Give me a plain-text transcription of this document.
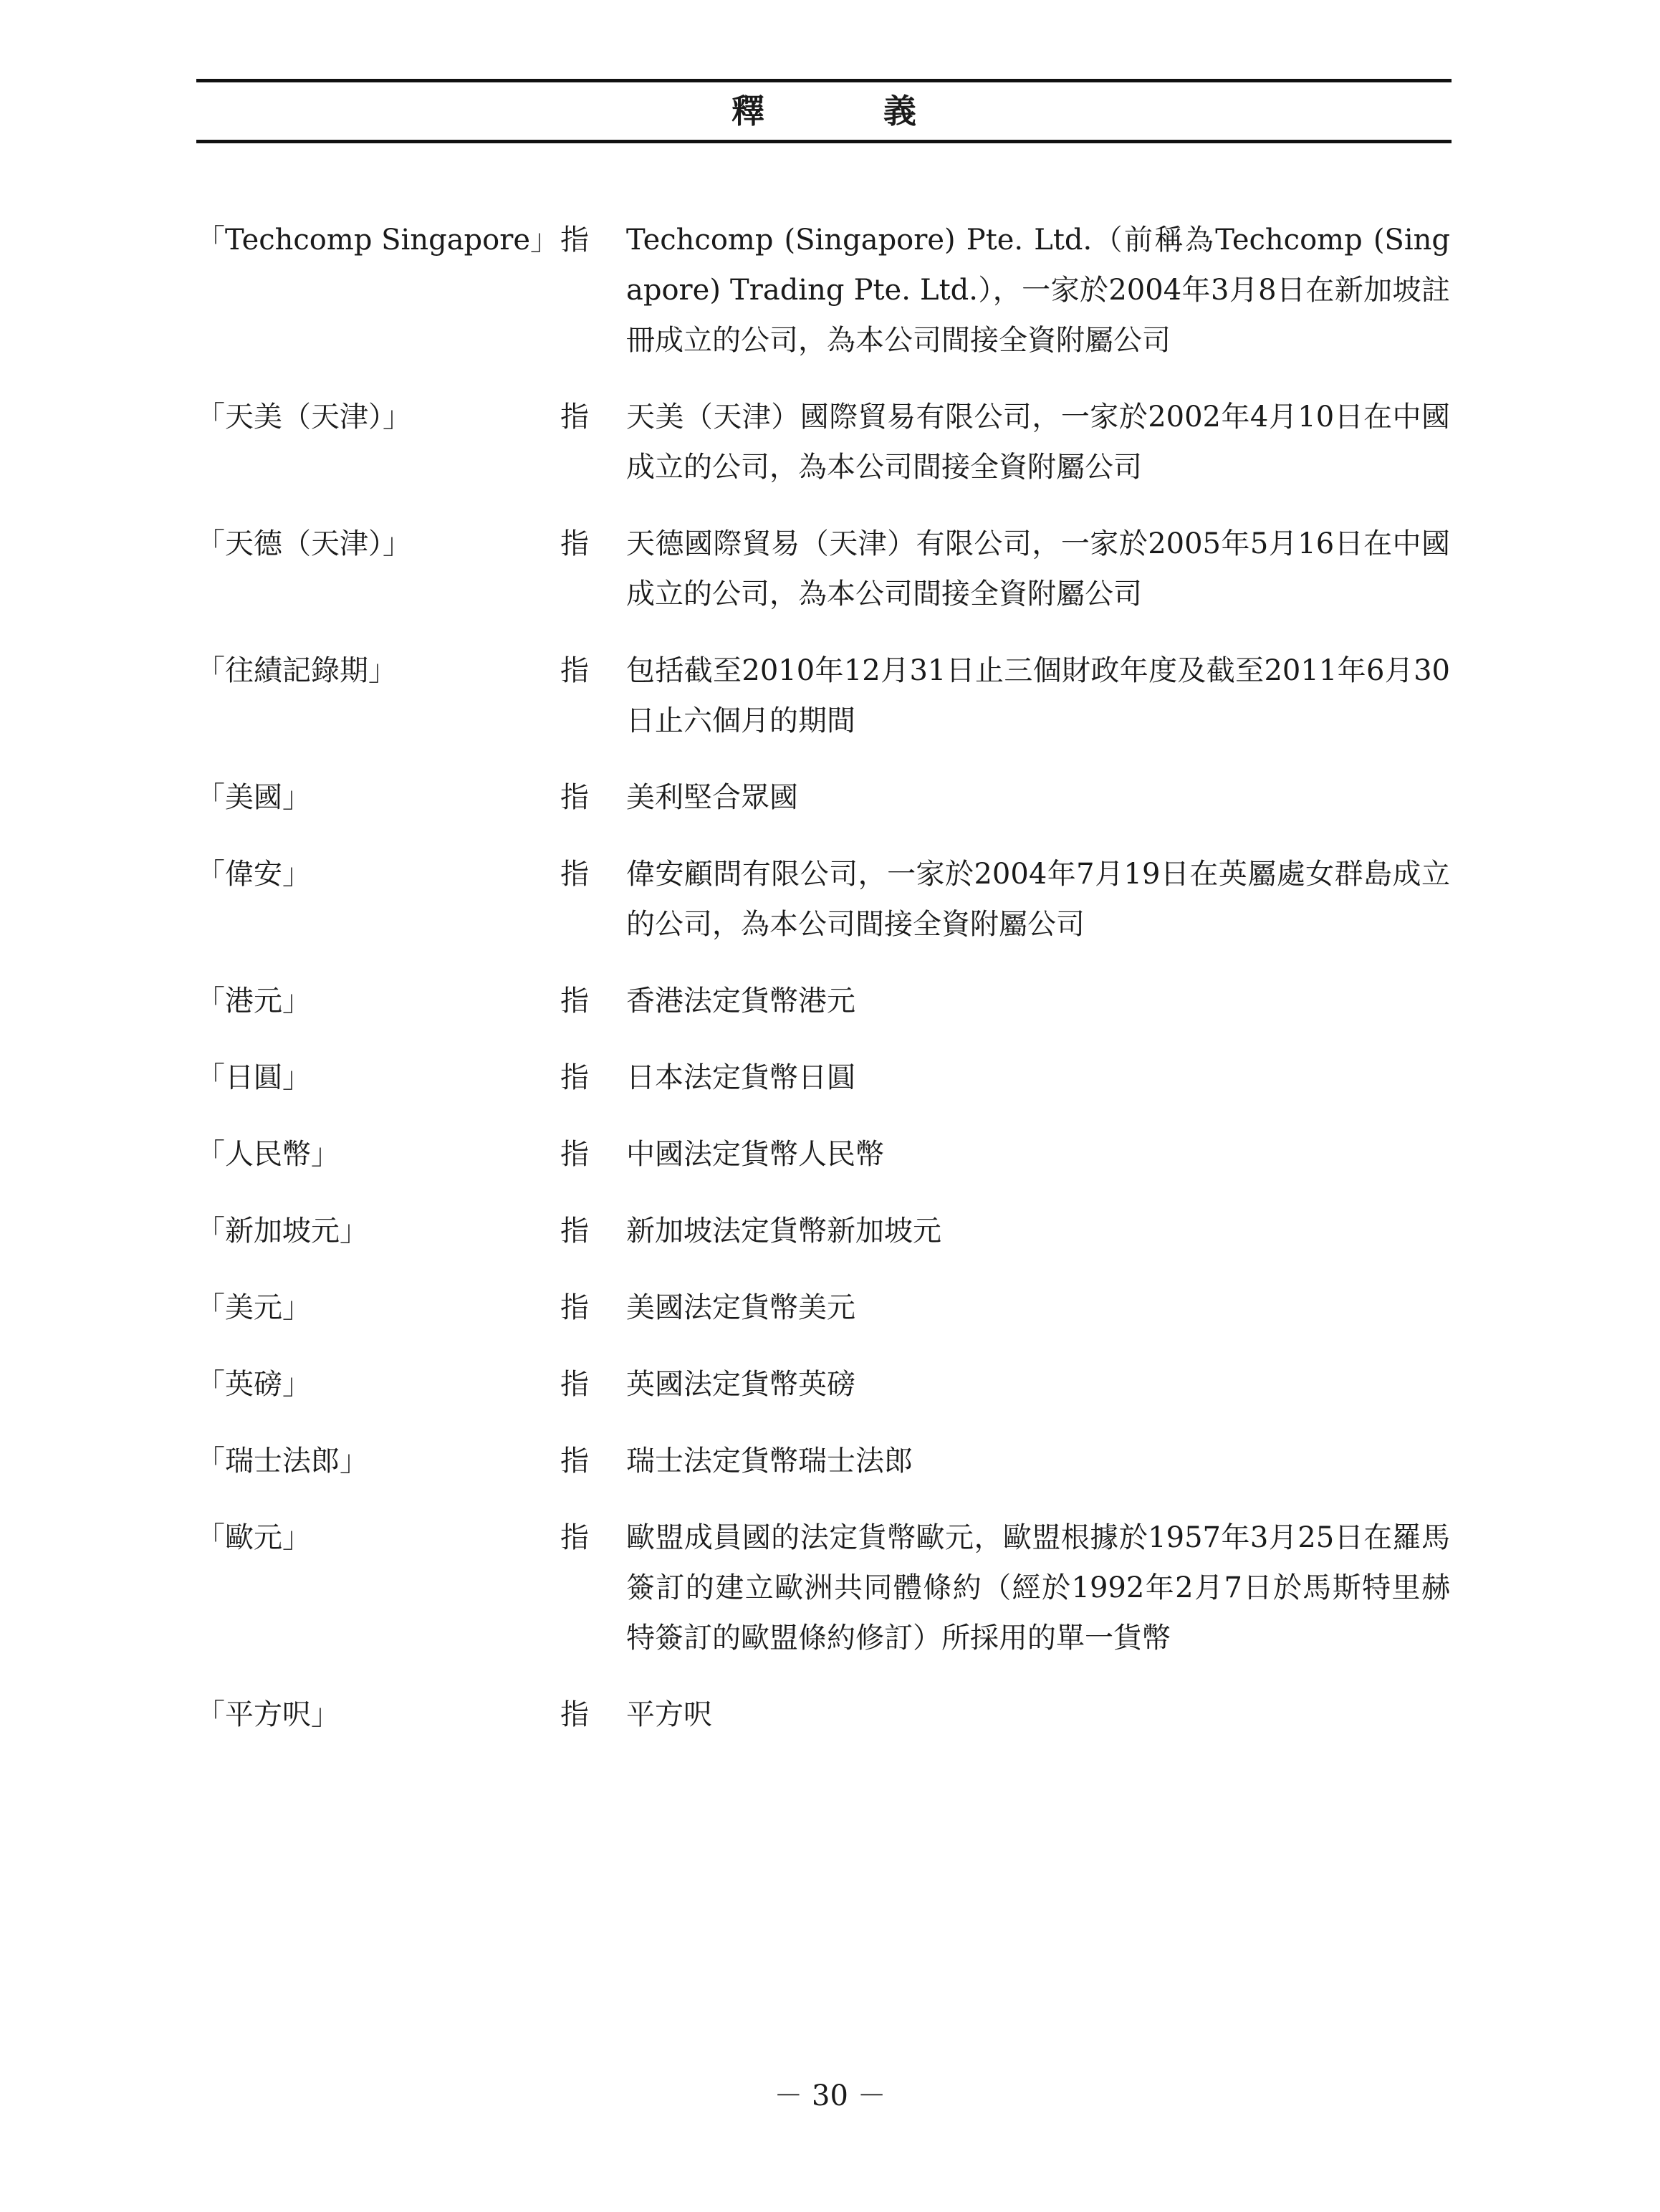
釋　義
「Techcomp Singapore」 指 Techcomp (Singapore) Pte. Ltd.（前稱為Techcomp (Singapore) Trading Pte. Ltd.），一家於2004年3月8日在新加坡註冊成立的公司，為本公司間接全資附屬公司
「天美（天津）」	指 天美（天津）國際貿易有限公司，一家於2002年4月10日在中國成立的公司，為本公司間接全資附屬公司
「天德（天津）」	指 天德國際貿易（天津）有限公司，一家於2005年5月16日在中國成立的公司，為本公司間接全資附屬公司
「往績記錄期」	指 包括截至2010年12月31日止三個財政年度及截至2011年6月30日止六個月的期間
「美國」	指 美利堅合眾國
「偉安」	指 偉安顧問有限公司，一家於2004年7月19日在英屬處女群島成立的公司，為本公司間接全資附屬公司
「港元」	指 香港法定貨幣港元
「日圓」	指 日本法定貨幣日圓
「人民幣」	指 中國法定貨幣人民幣
「新加坡元」	指 新加坡法定貨幣新加坡元
「美元」	指 美國法定貨幣美元
「英磅」	指 英國法定貨幣英磅
「瑞士法郎」	指 瑞士法定貨幣瑞士法郎
「歐元」	指 歐盟成員國的法定貨幣歐元，歐盟根據於1957年3月25日在羅馬簽訂的建立歐洲共同體條約（經於1992年2月7日於馬斯特里赫特簽訂的歐盟條約修訂）所採用的單一貨幣
「平方呎」	指 平方呎
－ 30 －
